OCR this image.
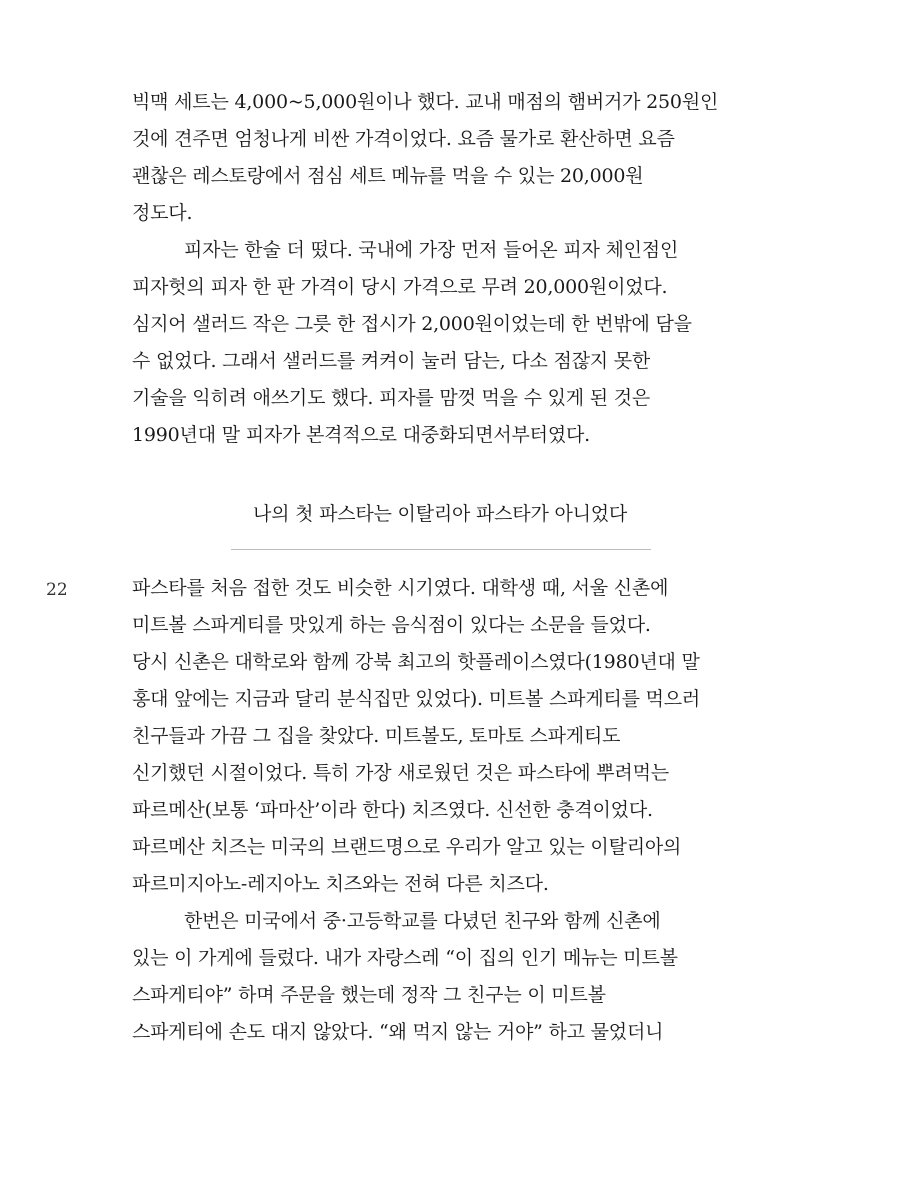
빅맥 세트는 4,000~5,000원이나 했다. 교내 매점의 햄버거가 250원인
것에 견주면 엄청나게 비싼 가격이었다. 요즘 물가로 환산하면 요즘
괜찮은 레스토랑에서 점심 세트 메뉴를 먹을 수 있는 20,000원
정도다.
피자는 한술 더 떴다. 국내에 가장 먼저 들어온 피자 체인점인
피자헛의 피자 한 판 가격이 당시 가격으로 무려 20,000원이었다.
심지어 샐러드 작은 그릇 한 접시가 2,000원이었는데 한 번밖에 담을
수 없었다. 그래서 샐러드를 켜켜이 눌러 담는, 다소 점잖지 못한
기술을 익히려 애쓰기도 했다. 피자를 맘껏 먹을 수 있게 된 것은
1990년대 말 피자가 본격적으로 대중화되면서부터였다.
나의 첫 파스타는 이탈리아 파스타가 아니었다
22	파스타를 처음 접한 것도 비슷한 시기였다. 대학생 때, 서울 신촌에
미트볼 스파게티를 맛있게 하는 음식점이 있다는 소문을 들었다.
당시 신촌은 대학로와 함께 강북 최고의 핫플레이스였다(1980년대 말
홍대 앞에는 지금과 달리 분식집만 있었다). 미트볼 스파게티를 먹으러
친구들과 가끔 그 집을 찾았다. 미트볼도, 토마토 스파게티도
신기했던 시절이었다. 특히 가장 새로웠던 것은 파스타에 뿌려먹는
파르메산(보통 ‘파마산’이라 한다) 치즈였다. 신선한 충격이었다.
파르메산 치즈는 미국의 브랜드명으로 우리가 알고 있는 이탈리아의
파르미지아노-레지아노 치즈와는 전혀 다른 치즈다.
한번은 미국에서 중·고등학교를 다녔던 친구와 함께 신촌에
있는 이 가게에 들렀다. 내가 자랑스레 “이 집의 인기 메뉴는 미트볼
스파게티야” 하며 주문을 했는데 정작 그 친구는 이 미트볼
스파게티에 손도 대지 않았다. “왜 먹지 않는 거야” 하고 물었더니
